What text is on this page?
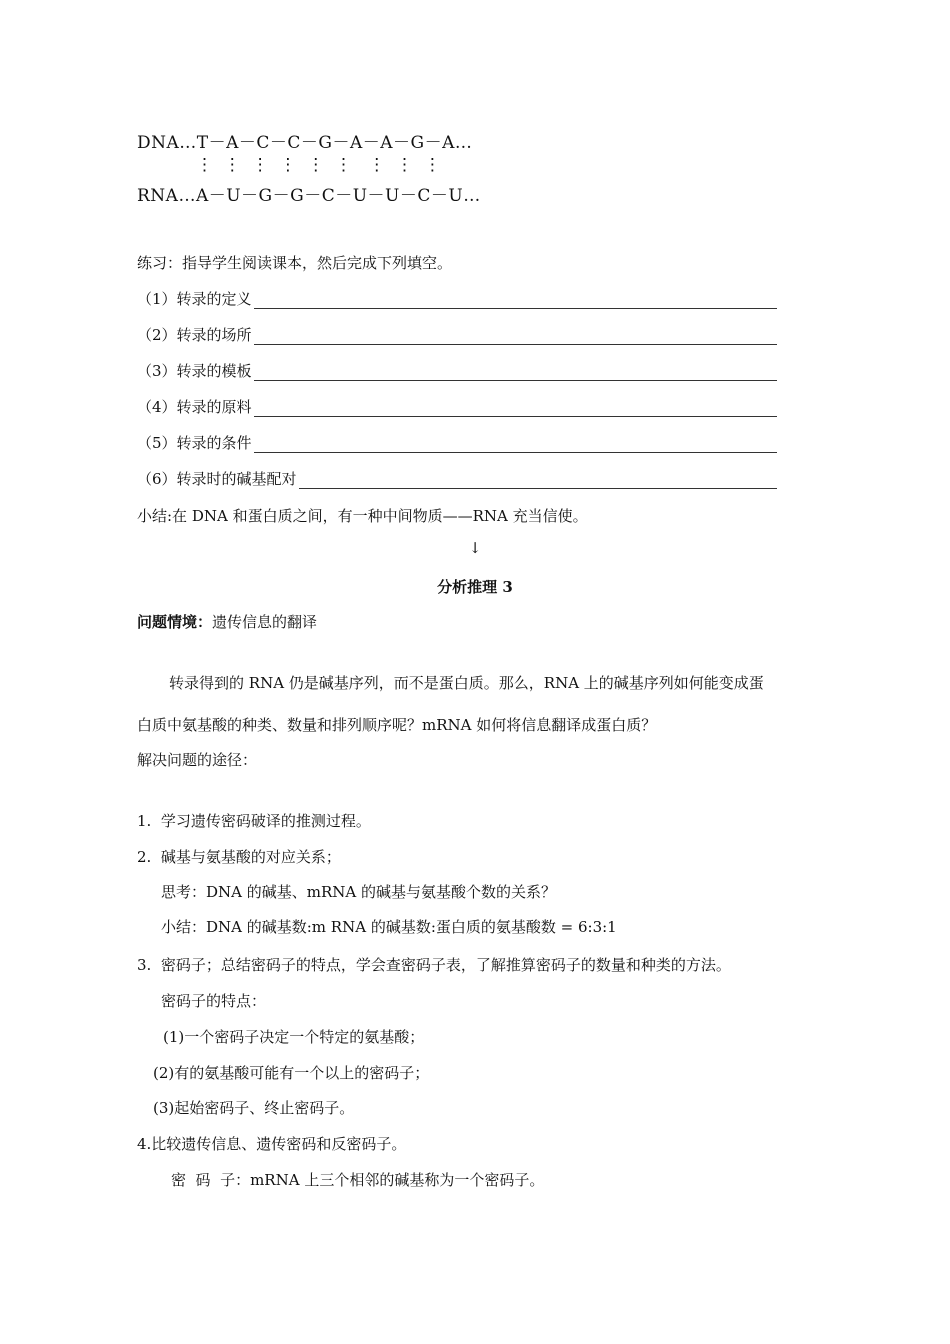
DNA…T－A－C－C－G－A－A－G－A…
⋮  ⋮  ⋮  ⋮  ⋮  ⋮   ⋮  ⋮  ⋮
RNA…A－U－G－G－C－U－U－C－U…
练习：指导学生阅读课本，然后完成下列填空。
（1）转录的定义
（2）转录的场所
（3）转录的模板
（4）转录的原料
（5）转录的条件
（6）转录时的碱基配对
小结:在 DNA 和蛋白质之间，有一种中间物质——RNA 充当信使。
↓
分析推理 3
问题情境：遗传信息的翻译
转录得到的 RNA 仍是碱基序列，而不是蛋白质。那么，RNA 上的碱基序列如何能变成蛋
白质中氨基酸的种类、数量和排列顺序呢？mRNA 如何将信息翻译成蛋白质？
解决问题的途径：
1.  学习遗传密码破译的推测过程。
2.  碱基与氨基酸的对应关系；
思考：DNA 的碱基、mRNA 的碱基与氨基酸个数的关系？
小结：DNA 的碱基数:m RNA 的碱基数:蛋白质的氨基酸数 = 6:3:1
3.  密码子；总结密码子的特点，学会查密码子表，了解推算密码子的数量和种类的方法。
密码子的特点：
(1)一个密码子决定一个特定的氨基酸；
(2)有的氨基酸可能有一个以上的密码子；
(3)起始密码子、终止密码子。
4.比较遗传信息、遗传密码和反密码子。
密  码  子：mRNA 上三个相邻的碱基称为一个密码子。
